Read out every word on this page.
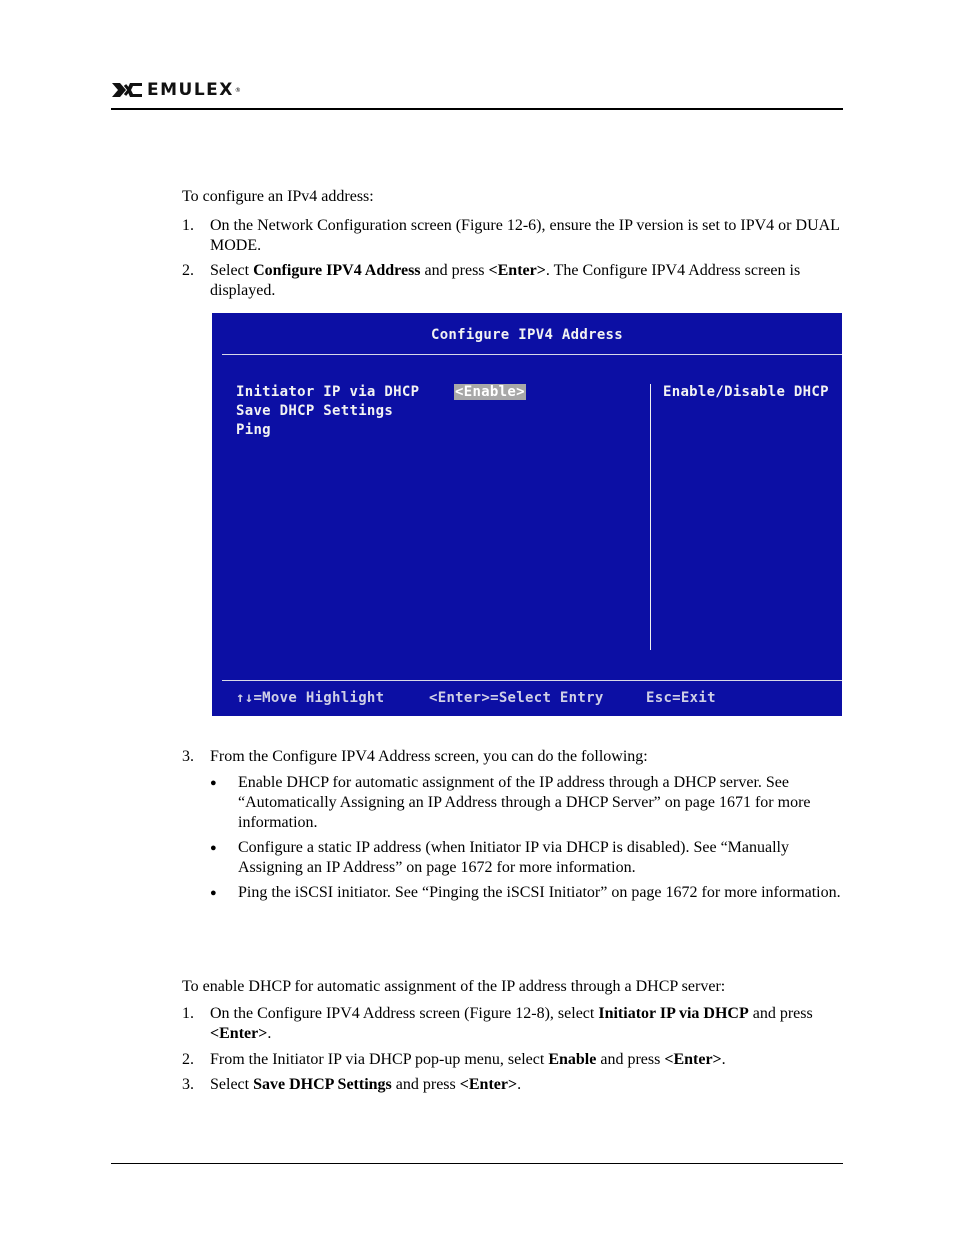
EMULEX ®

To configure an IPv4 address:

1. On the Network Configuration screen (Figure 12-6), ensure the IP version is set to IPV4 or DUAL MODE.
2. Select Configure IPV4 Address and press <Enter>. The Configure IPV4 Address screen is displayed.
Configure IPV4 Address
Initiator IP via DHCP
Save DHCP Settings
Ping
<Enable>	Enable/Disable DHCP
↑↓=Move Highlight	<Enter>=Select Entry	Esc=Exit
3. From the Configure IPV4 Address screen, you can do the following:
● Enable DHCP for automatic assignment of the IP address through a DHCP server. See “Automatically Assigning an IP Address through a DHCP Server” on page 1671 for more information.
● Configure a static IP address (when Initiator IP via DHCP is disabled). See “Manually Assigning an IP Address” on page 1672 for more information.
● Ping the iSCSI initiator. See “Pinging the iSCSI Initiator” on page 1672 for more information.

To enable DHCP for automatic assignment of the IP address through a DHCP server:

1. On the Configure IPV4 Address screen (Figure 12-8), select Initiator IP via DHCP and press <Enter>.
2. From the Initiator IP via DHCP pop-up menu, select Enable and press <Enter>.
3. Select Save DHCP Settings and press <Enter>.
